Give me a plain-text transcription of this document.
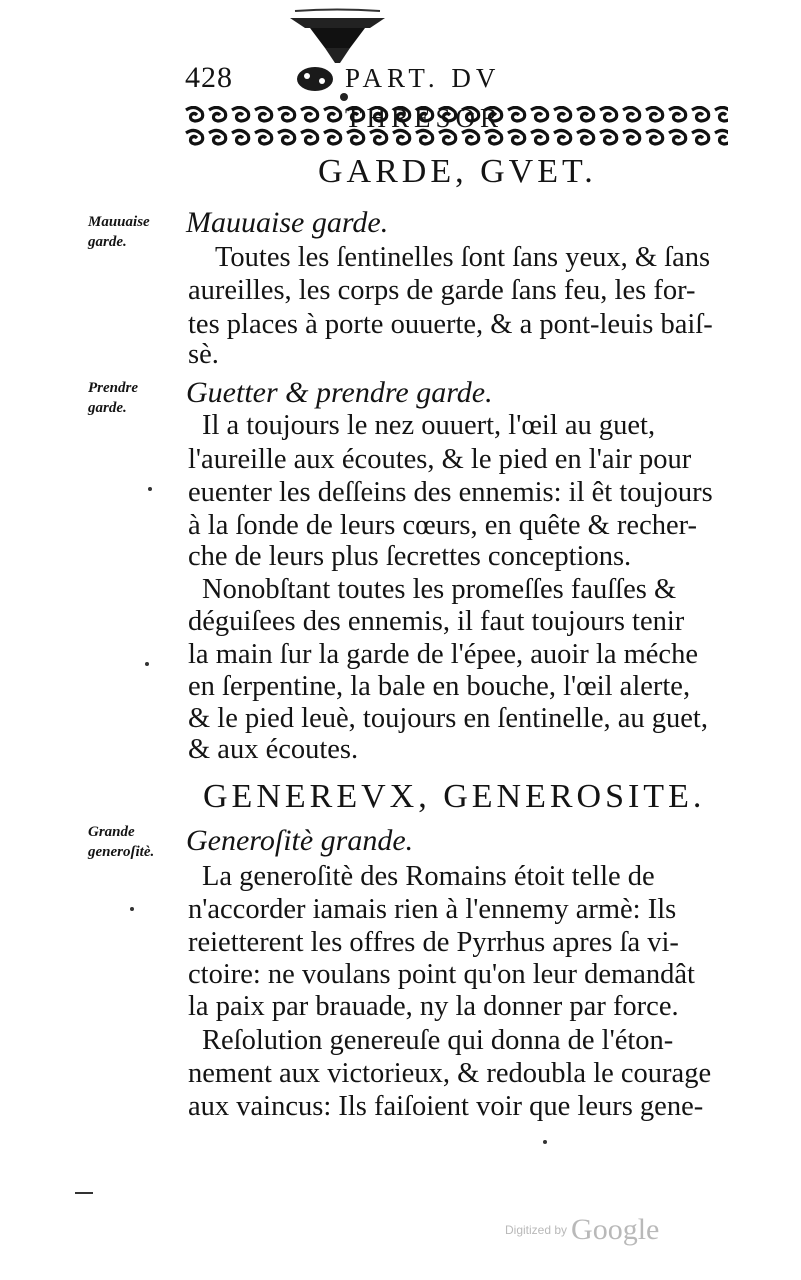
428	PART. DV
GARDE, GVET.
Mauuaise
garde.
Prendre
garde.
Grande
generoſitè.
Mauuaise garde.
Toutes les ſentinelles ſont ſans yeux, & ſans
aureilles, les corps de garde ſans feu, les for-
tes places à porte ouuerte, & a pont-leuis baiſ-
sè.
Guetter & prendre garde.
Il a toujours le nez ouuert, l'œil au guet,
l'aureille aux écoutes, & le pied en l'air pour
euenter les deſſeins des ennemis: il êt toujours
à la ſonde de leurs cœurs, en quête & recher-
che de leurs plus ſecrettes conceptions.
Nonobſtant toutes les promeſſes fauſſes &
déguiſees des ennemis, il faut toujours tenir
la main ſur la garde de l'épee, auoir la méche
en ſerpentine, la bale en bouche, l'œil alerte,
& le pied leuè, toujours en ſentinelle, au guet,
& aux écoutes.
GENEREVX, GENEROSITE.
Generoſitè grande.
La generoſitè des Romains étoit telle de
n'accorder iamais rien à l'ennemy armè: Ils
reietterent les offres de Pyrrhus apres ſa vi-
ctoire: ne voulans point qu'on leur demandât
la paix par brauade, ny la donner par force.
Reſolution genereuſe qui donna de l'éton-
nement aux victorieux, & redoubla le courage
aux vaincus: Ils faiſoient voir que leurs gene-
Digitized by Google
